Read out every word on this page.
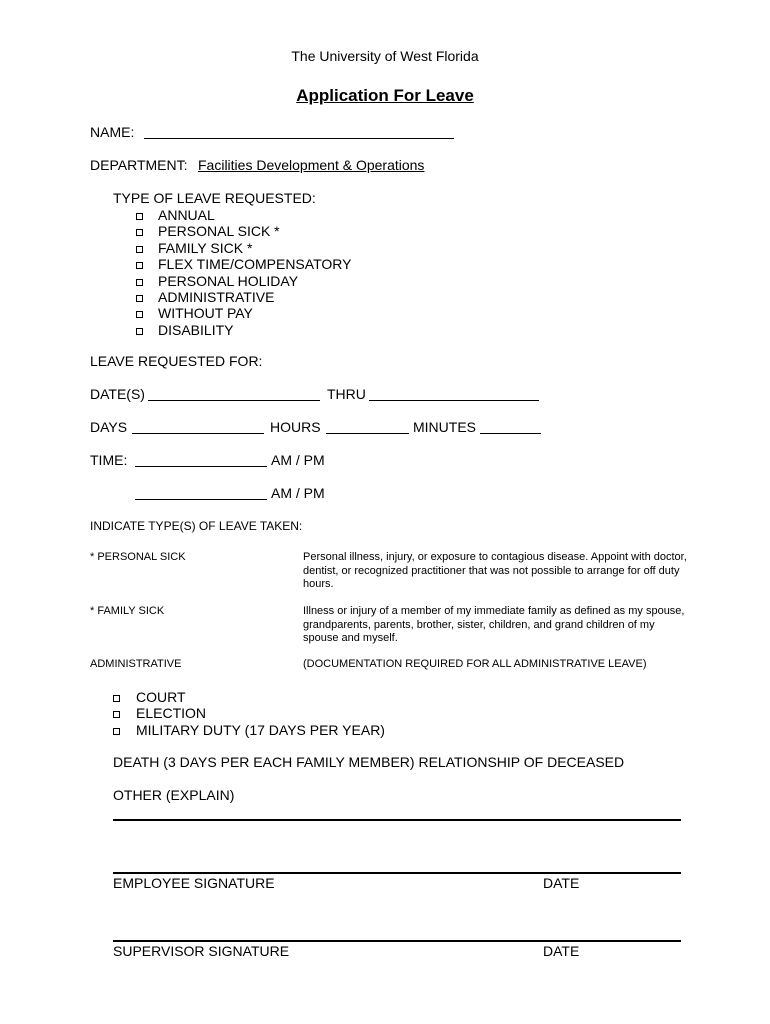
The University of West Florida
Application For Leave
NAME:
DEPARTMENT: Facilities Development & Operations
TYPE OF LEAVE REQUESTED:
ANNUAL
PERSONAL SICK *
FAMILY SICK *
FLEX TIME/COMPENSATORY
PERSONAL HOLIDAY
ADMINISTRATIVE
WITHOUT PAY
DISABILITY
LEAVE REQUESTED FOR:
DATE(S)	THRU
DAYS	HOURS	MINUTES
TIME:	AM / PM
AM / PM
INDICATE TYPE(S) OF LEAVE TAKEN:
* PERSONAL SICK	Personal illness, injury, or exposure to contagious disease. Appoint with doctor, dentist, or recognized practitioner that was not possible to arrange for off duty hours.
* FAMILY SICK	Illness or injury of a member of my immediate family as defined as my spouse, grandparents, parents, brother, sister, children, and grand children of my spouse and myself.
ADMINISTRATIVE	(DOCUMENTATION REQUIRED FOR ALL ADMINISTRATIVE LEAVE)
COURT
ELECTION
MILITARY DUTY (17 DAYS PER YEAR)
DEATH (3 DAYS PER EACH FAMILY MEMBER) RELATIONSHIP OF DECEASED
OTHER (EXPLAIN)
EMPLOYEE SIGNATURE	DATE
SUPERVISOR SIGNATURE	DATE
